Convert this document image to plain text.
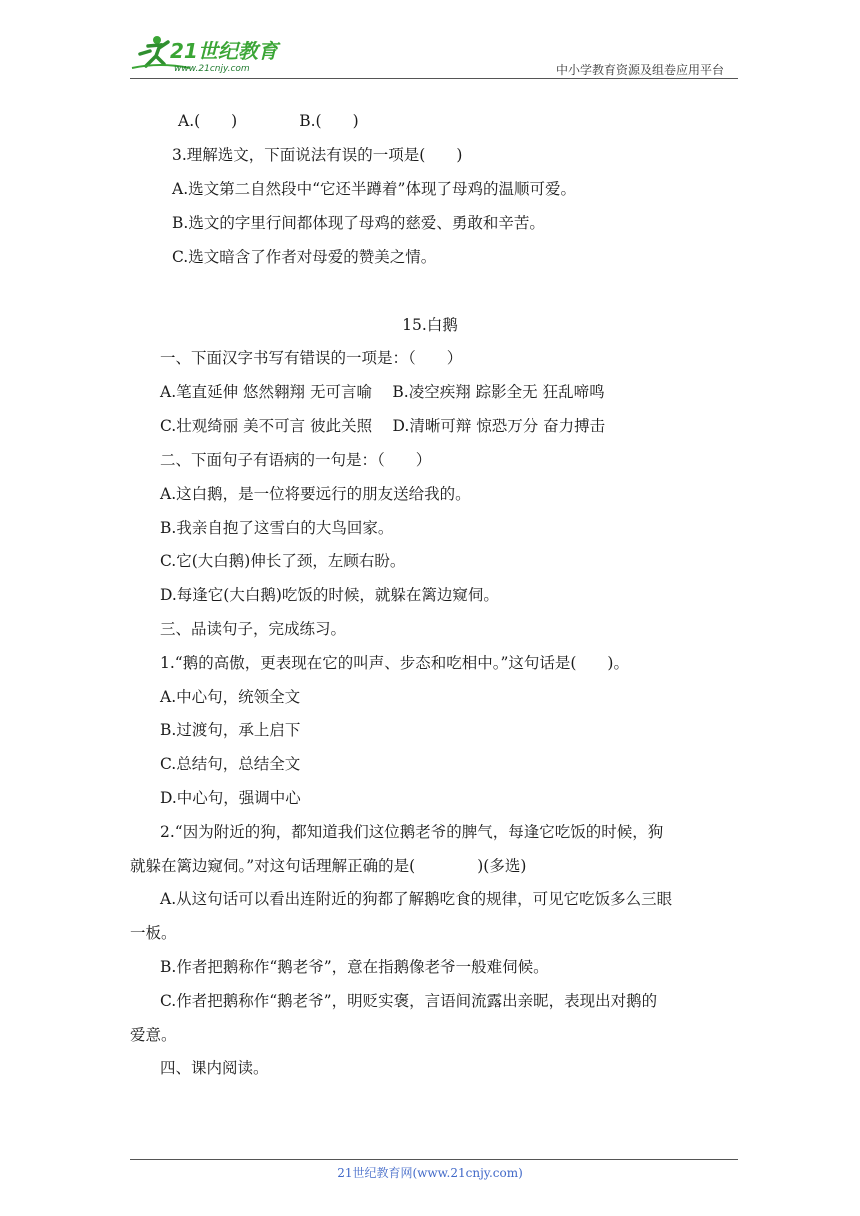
21世纪教育
www.21cnjy.com	中小学教育资源及组卷应用平台
A.(　　)　　　　B.(　　)
3.理解选文，下面说法有误的一项是(　　)
A.选文第二自然段中“它还半蹲着”体现了母鸡的温顺可爱。
B.选文的字里行间都体现了母鸡的慈爱、勇敢和辛苦。
C.选文暗含了作者对母爱的赞美之情。
15.白鹅
一、下面汉字书写有错误的一项是：（　　）
A.笔直延伸 悠然翱翔 无可言喻　 B.凌空疾翔 踪影全无 狂乱啼鸣
C.壮观绮丽 美不可言 彼此关照　 D.清晰可辩 惊恐万分 奋力搏击
二、下面句子有语病的一句是：（　　）
A.这白鹅，是一位将要远行的朋友送给我的。
B.我亲自抱了这雪白的大鸟回家。
C.它(大白鹅)伸长了颈，左顾右盼。
D.每逢它(大白鹅)吃饭的时候，就躲在篱边窥伺。
三、品读句子，完成练习。
1.“鹅的高傲，更表现在它的叫声、步态和吃相中。”这句话是(　　)。
A.中心句，统领全文
B.过渡句，承上启下
C.总结句，总结全文
D.中心句，强调中心
2.“因为附近的狗，都知道我们这位鹅老爷的脾气，每逢它吃饭的时候，狗
就躲在篱边窥伺。”对这句话理解正确的是(　　　　)(多选)
A.从这句话可以看出连附近的狗都了解鹅吃食的规律，可见它吃饭多么三眼
一板。
B.作者把鹅称作“鹅老爷”，意在指鹅像老爷一般难伺候。
C.作者把鹅称作“鹅老爷”，明贬实褒，言语间流露出亲昵，表现出对鹅的
爱意。
四、课内阅读。
21世纪教育网(www.21cnjy.com)
